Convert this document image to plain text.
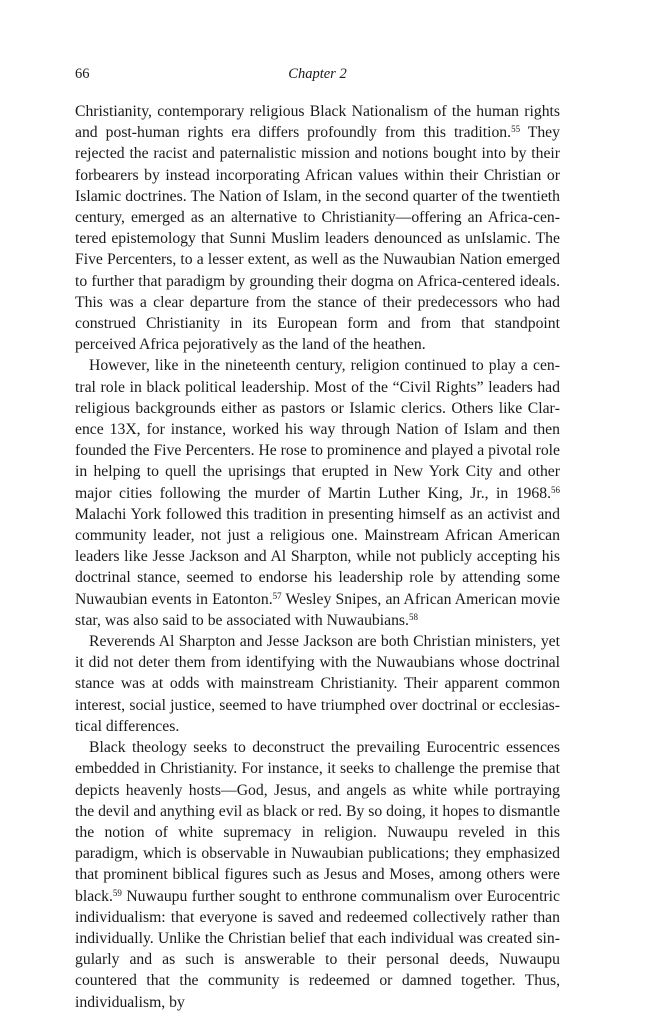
66	Chapter 2

Christianity, contemporary religious Black Nationalism of the human rights and post-human rights era differs profoundly from this tradition.$^{55}$ They rejected the racist and paternalistic mission and notions bought into by their forbearers by instead incorporating African values within their Christian or Islamic doctrines. The Nation of Islam, in the second quarter of the twentieth century, emerged as an alternative to Christianity—offering an Africa-centered epistemology that Sunni Muslim leaders denounced as unIslamic. The Five Percenters, to a lesser extent, as well as the Nuwaubian Nation emerged to further that paradigm by grounding their dogma on Africa-centered ideals. This was a clear departure from the stance of their predecessors who had construed Christianity in its European form and from that standpoint perceived Africa pejoratively as the land of the heathen.

However, like in the nineteenth century, religion continued to play a central role in black political leadership. Most of the “Civil Rights” leaders had religious backgrounds either as pastors or Islamic clerics. Others like Clarence 13X, for instance, worked his way through Nation of Islam and then founded the Five Percenters. He rose to prominence and played a pivotal role in helping to quell the uprisings that erupted in New York City and other major cities following the murder of Martin Luther King, Jr., in 1968.56 Malachi York followed this tradition in presenting himself as an activist and community leader, not just a religious one. Mainstream African American leaders like Jesse Jackson and Al Sharpton, while not publicly accepting his doctrinal stance, seemed to endorse his leadership role by attending some Nuwaubian events in Eatonton.$^{57}$ Wesley Snipes, an African American movie star, was also said to be associated with Nuwaubians.$^{58}$

Reverends Al Sharpton and Jesse Jackson are both Christian ministers, yet it did not deter them from identifying with the Nuwaubians whose doctrinal stance was at odds with mainstream Christianity. Their apparent common interest, social justice, seemed to have triumphed over doctrinal or ecclesiastical differences.

Black theology seeks to deconstruct the prevailing Eurocentric essences embedded in Christianity. For instance, it seeks to challenge the premise that depicts heavenly hosts—God, Jesus, and angels as white while portraying the devil and anything evil as black or red. By so doing, it hopes to dismantle the notion of white supremacy in religion. Nuwaupu reveled in this paradigm, which is observable in Nuwaubian publications; they emphasized that prominent biblical figures such as Jesus and Moses, among others were black.$^{59}$ Nuwaupu further sought to enthrone communalism over Eurocentric individualism: that everyone is saved and redeemed collectively rather than individually. Unlike the Christian belief that each individual was created singularly and as such is answerable to their personal deeds, Nuwaupu countered that the community is redeemed or damned together. Thus, individualism, by
